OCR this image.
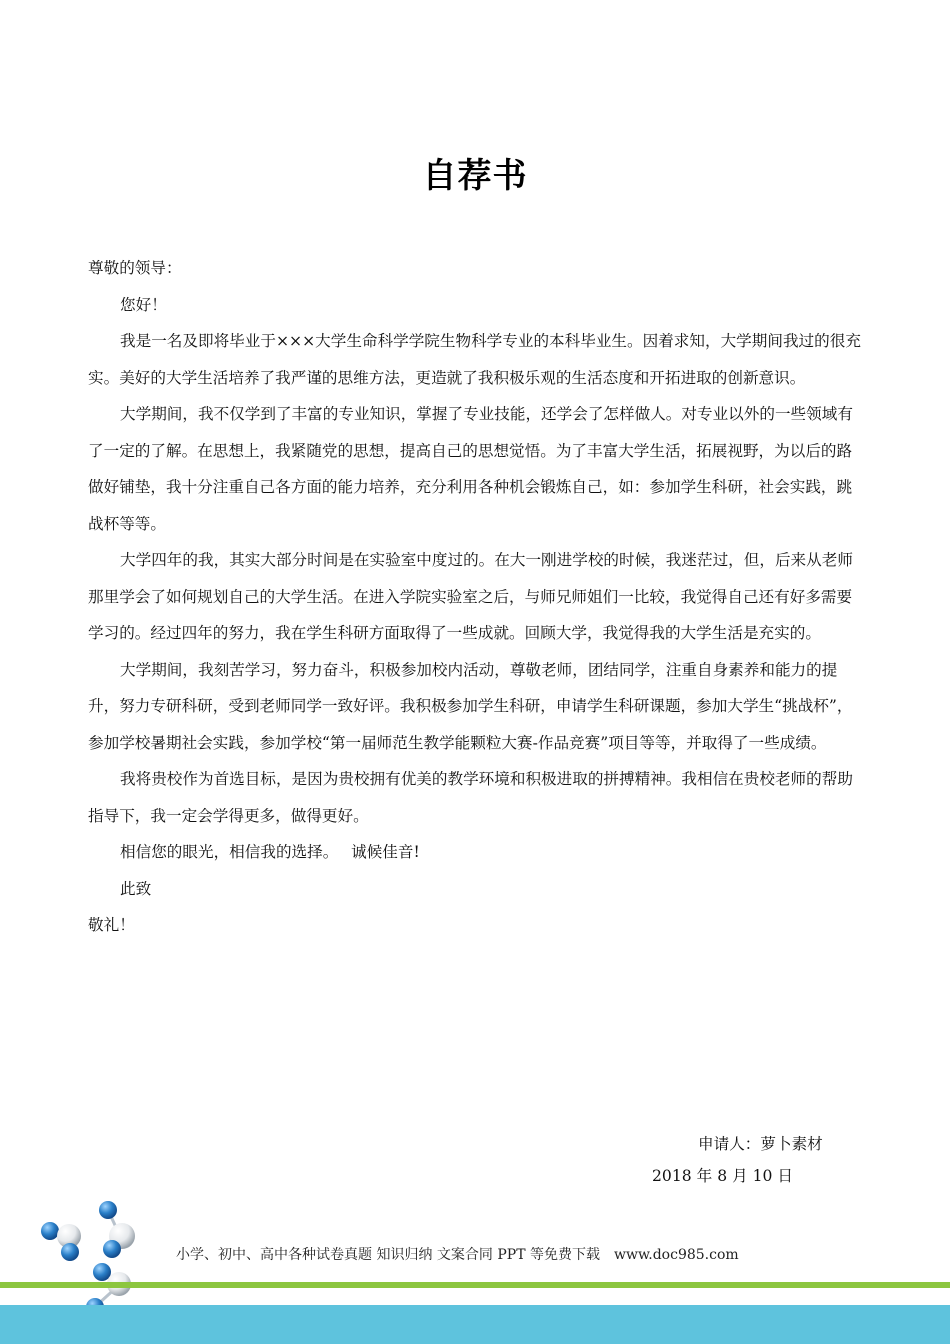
自荐书

尊敬的领导：

您好！

我是一名及即将毕业于×××大学生命科学学院生物科学专业的本科毕业生。因着求知，大学期间我过的很充实。美好的大学生活培养了我严谨的思维方法，更造就了我积极乐观的生活态度和开拓进取的创新意识。

大学期间，我不仅学到了丰富的专业知识，掌握了专业技能，还学会了怎样做人。对专业以外的一些领域有了一定的了解。在思想上，我紧随党的思想，提高自己的思想觉悟。为了丰富大学生活，拓展视野，为以后的路做好铺垫，我十分注重自己各方面的能力培养，充分利用各种机会锻炼自己，如：参加学生科研，社会实践，跳战杯等等。

大学四年的我，其实大部分时间是在实验室中度过的。在大一刚进学校的时候，我迷茫过，但，后来从老师那里学会了如何规划自己的大学生活。在进入学院实验室之后，与师兄师姐们一比较，我觉得自己还有好多需要学习的。经过四年的努力，我在学生科研方面取得了一些成就。回顾大学，我觉得我的大学生活是充实的。

大学期间，我刻苦学习，努力奋斗，积极参加校内活动，尊敬老师，团结同学，注重自身素养和能力的提升，努力专研科研，受到老师同学一致好评。我积极参加学生科研，申请学生科研课题，参加大学生“挑战杯”，参加学校暑期社会实践，参加学校“第一届师范生教学能颗粒大赛-作品竞赛”项目等等，并取得了一些成绩。

我将贵校作为首选目标，是因为贵校拥有优美的教学环境和积极进取的拼搏精神。我相信在贵校老师的帮助指导下，我一定会学得更多，做得更好。

相信您的眼光，相信我的选择。　 诚候佳音!

此致

敬礼！

申请人：萝卜素材
2018 年 8 月 10 日
小学、初中、高中各种试卷真题 知识归纳 文案合同 PPT 等免费下载　www.doc985.com
